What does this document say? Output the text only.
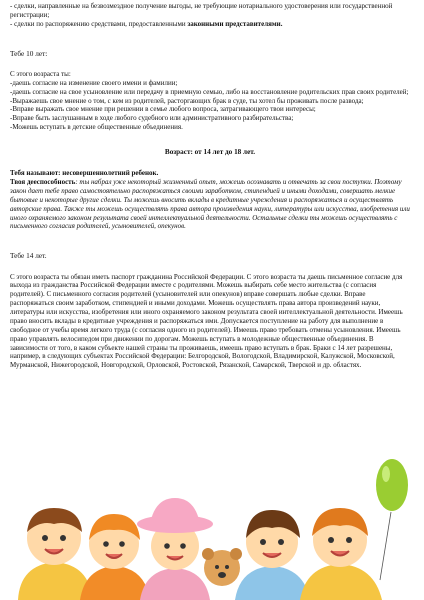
- сделки, направленные на безвозмездное получение выгоды, не требующие нотариального удостоверения или государственной регистрации;

- сделки по распоряжению средствами, предоставленными законными представителями.

Тебе 10 лет:

С этого возраста ты:

-даешь согласие на изменение своего имени и фамилии;

-даешь согласие на свое усыновление или передачу в приемную семью, либо на восстановление родительских прав своих родителей;

-Выражаешь свое мнение о том, с кем из родителей, расторгающих брак в суде, ты хотел бы проживать после развода;

-Вправе выражать свое мнение при решении в семье любого вопроса, затрагивающего твои интересы;

-Вправе быть заслушанным в ходе любого судебного или административного разбирательства;

-Можешь вступать в детские общественные объединения.

Возраст: от 14 лет до 18 лет.

Тебя называют: несовершеннолетний ребенок.

Твоя дееспособность: ты набрал уже некоторый жизненный опыт, можешь осознавать и отвечать за свои поступки. Поэтому закон дает тебе право самостоятельно распоряжаться своими заработком, стипендией и иными доходами, совершать мелкие бытовые и некоторые другие сделки. Ты можешь вносить вклады в кредитные учреждения и распоряжаться и осуществлять авторские права. Также ты можешь осуществлять права автора произведения науки, литературы или искусства, изобретения или иного охраняемого законом результата своей интеллектуальной деятельности. Остальные сделки ты можешь осуществлять с письменного согласия родителей, усыновителей, опекунов.

Тебе 14 лет.

С этого возраста ты обязан иметь паспорт гражданина Российской Федерации. С этого возраста ты даешь письменное согласие для выхода из гражданства Российской Федерации вместе с родителями. Можешь выбирать себе место жительства (с согласия родителей). С письменного согласия родителей (усыновителей или опекунов) вправе совершать любые сделки. Вправе распоряжаться своим заработком, стипендией и иными доходами. Можешь осуществлять права автора произведений науки, литературы или искусства, изобретения или иного охраняемого законом результата своей интеллектуальной деятельности. Имеешь право вносить вклады в кредитные учреждения и распоряжаться ими. Допускается поступление на работу для выполнение в свободное от учебы время легкого труда (с согласия одного из родителей). Имеешь право требовать отмены усыновления. Имеешь право управлять велосипедом при движении по дорогам. Можешь вступать в молодежные общественные объединения. В зависимости от того, в каком субъекте нашей страны ты проживаешь, имеешь право вступать в брак. Браки с 14 лет разрешены, например, в следующих субъектах Российской Федерации: Белгородской, Вологодской, Владимирской, Калужской, Московской, Мурманской, Нижегородской, Новгородской, Орловской, Ростовской, Рязанской, Самарской, Тверской и др. областях.
